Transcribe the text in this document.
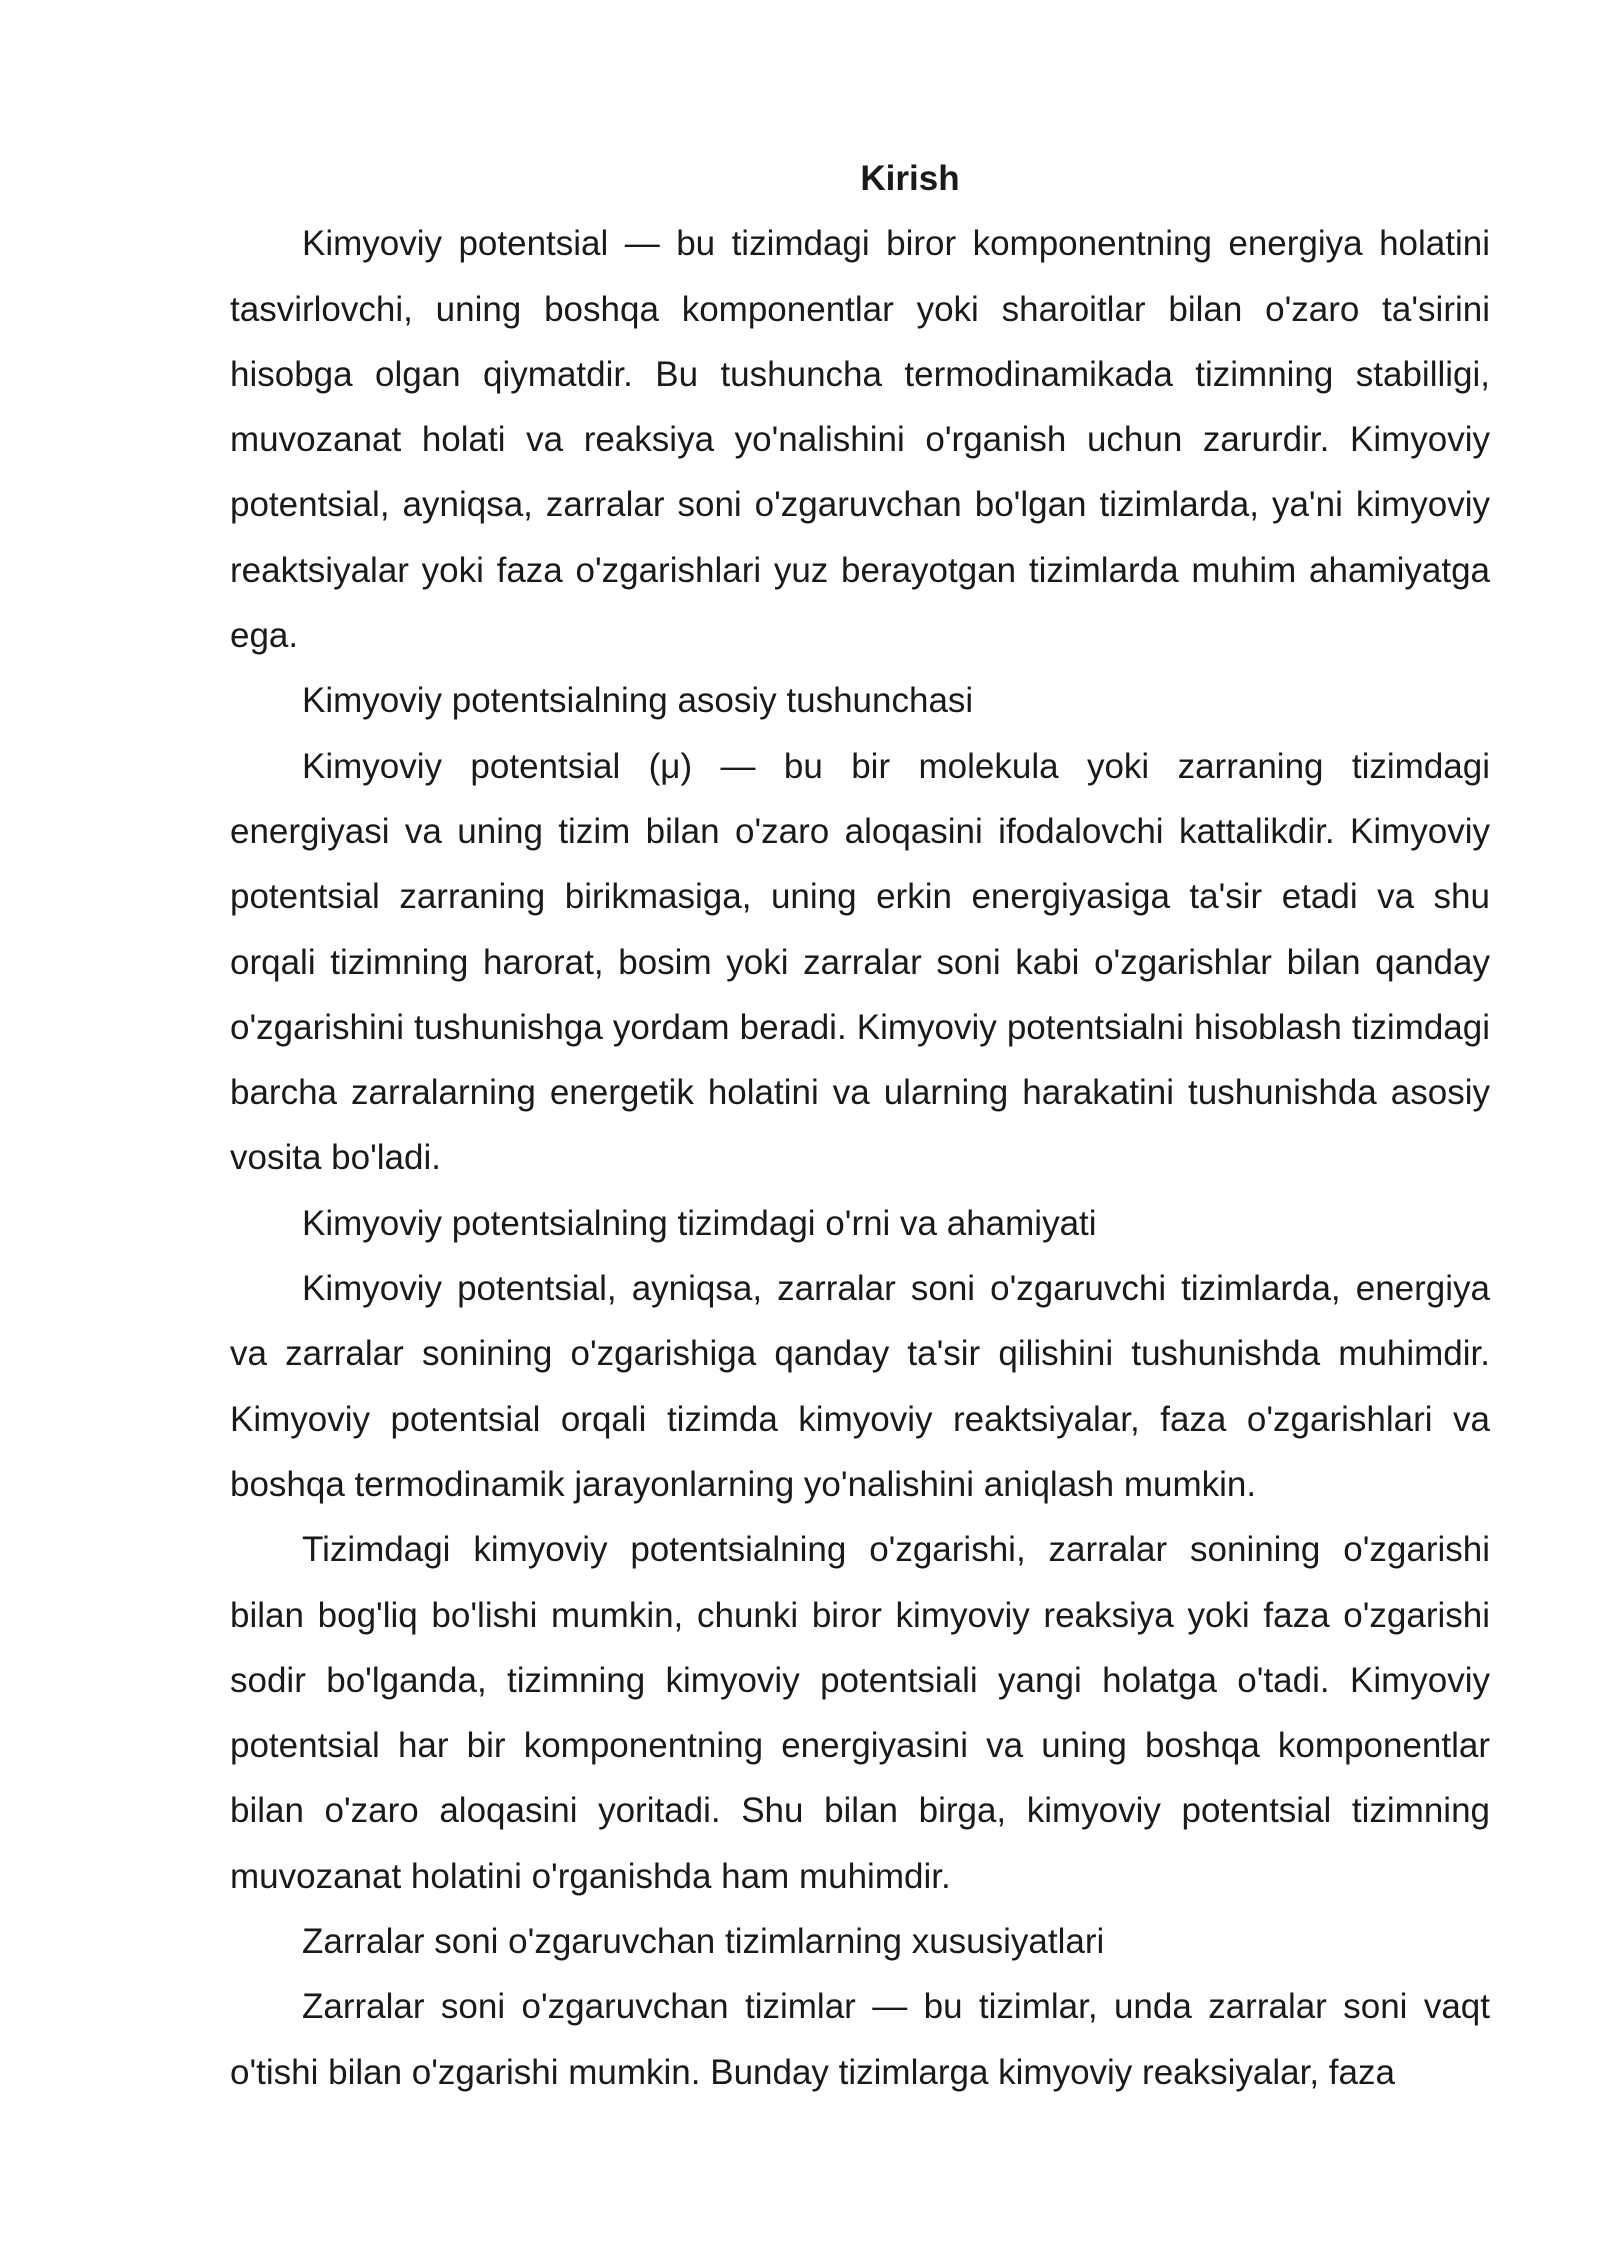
Kirish

Kimyoviy potentsial — bu tizimdagi biror komponentning energiya holatini tasvirlovchi, uning boshqa komponentlar yoki sharoitlar bilan o'zaro ta'sirini hisobga olgan qiymatdir. Bu tushuncha termodinamikada tizimning stabilligi, muvozanat holati va reaksiya yo'nalishini o'rganish uchun zarurdir. Kimyoviy potentsial, ayniqsa, zarralar soni o'zgaruvchan bo'lgan tizimlarda, ya'ni kimyoviy reaktsiyalar yoki faza o'zgarishlari yuz berayotgan tizimlarda muhim ahamiyatga ega.

Kimyoviy potentsialning asosiy tushunchasi

Kimyoviy potentsial (μ) — bu bir molekula yoki zarraning tizimdagi energiyasi va uning tizim bilan o'zaro aloqasini ifodalovchi kattalikdir. Kimyoviy potentsial zarraning birikmasiga, uning erkin energiyasiga ta'sir etadi va shu orqali tizimning harorat, bosim yoki zarralar soni kabi o'zgarishlar bilan qanday o'zgarishini tushunishga yordam beradi. Kimyoviy potentsialni hisoblash tizimdagi barcha zarralarning energetik holatini va ularning harakatini tushunishda asosiy vosita bo'ladi.

Kimyoviy potentsialning tizimdagi o'rni va ahamiyati

Kimyoviy potentsial, ayniqsa, zarralar soni o'zgaruvchi tizimlarda, energiya va zarralar sonining o'zgarishiga qanday ta'sir qilishini tushunishda muhimdir. Kimyoviy potentsial orqali tizimda kimyoviy reaktsiyalar, faza o'zgarishlari va boshqa termodinamik jarayonlarning yo'nalishini aniqlash mumkin.

Tizimdagi kimyoviy potentsialning o'zgarishi, zarralar sonining o'zgarishi bilan bog'liq bo'lishi mumkin, chunki biror kimyoviy reaksiya yoki faza o'zgarishi sodir bo'lganda, tizimning kimyoviy potentsiali yangi holatga o'tadi. Kimyoviy potentsial har bir komponentning energiyasini va uning boshqa komponentlar bilan o'zaro aloqasini yoritadi. Shu bilan birga, kimyoviy potentsial tizimning muvozanat holatini o'rganishda ham muhimdir.

Zarralar soni o'zgaruvchan tizimlarning xususiyatlari

Zarralar soni o'zgaruvchan tizimlar — bu tizimlar, unda zarralar soni vaqt o'tishi bilan o'zgarishi mumkin. Bunday tizimlarga kimyoviy reaksiyalar, faza
